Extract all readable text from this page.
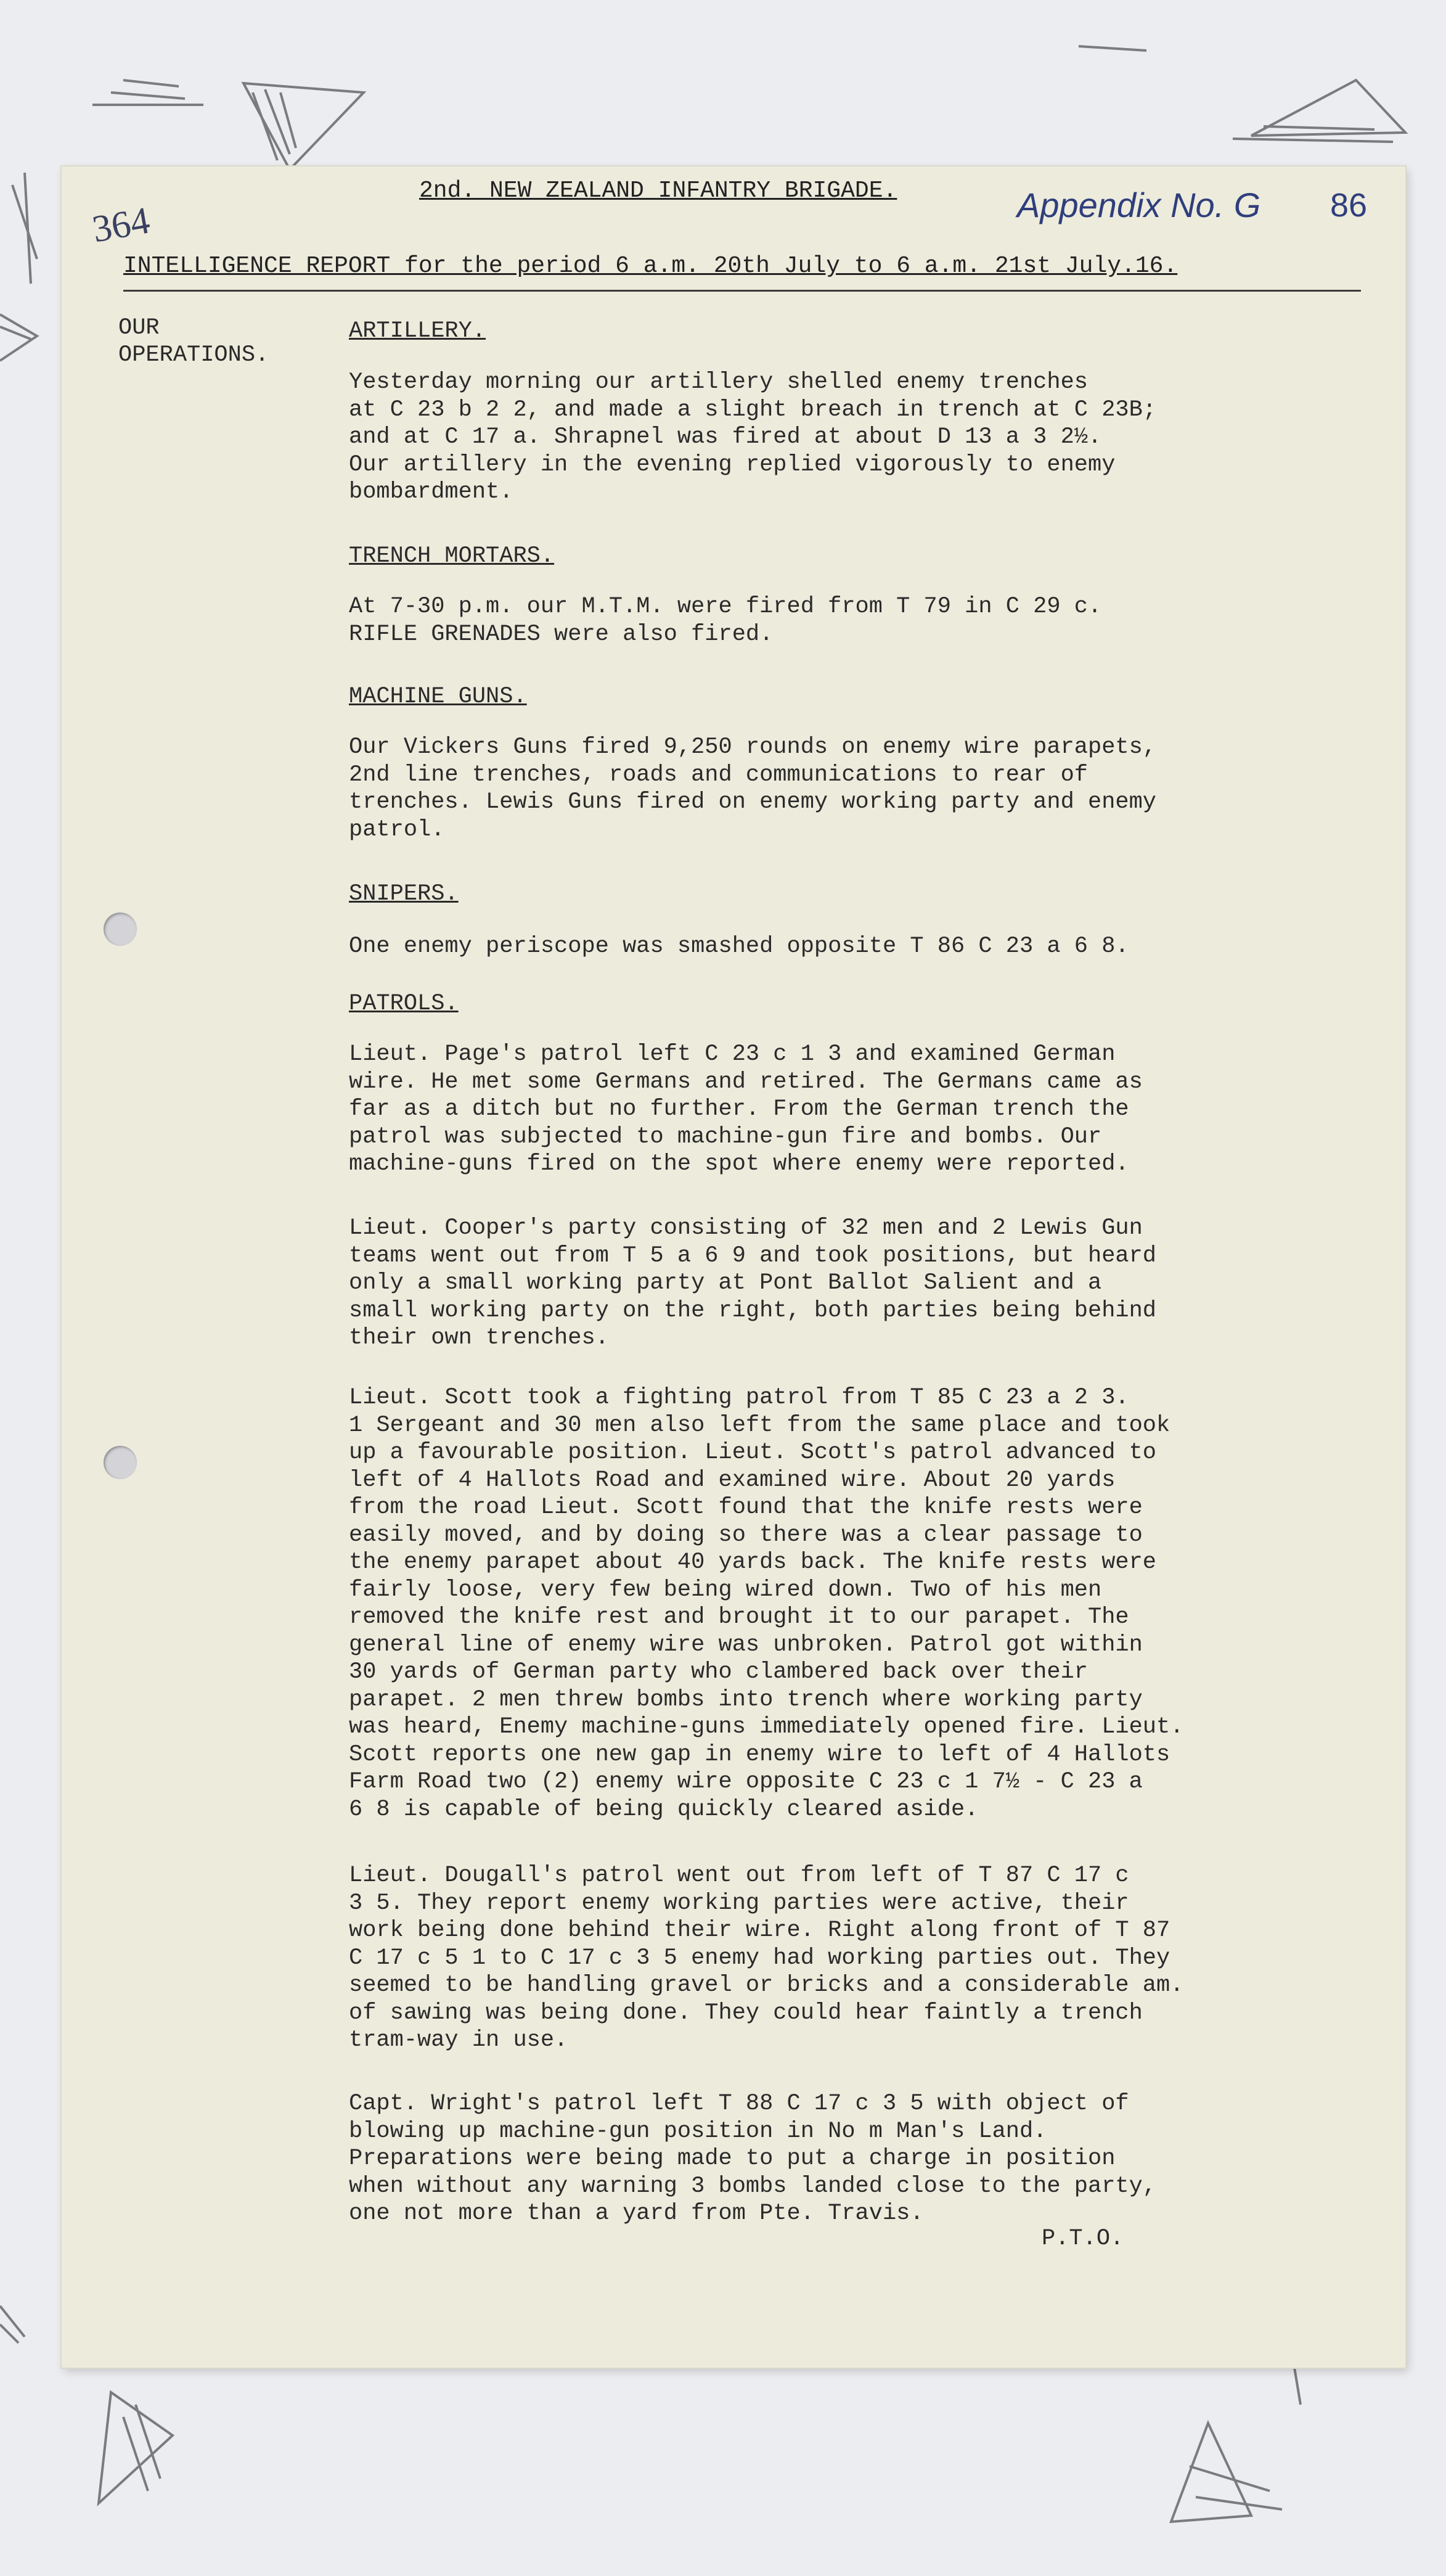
364
2nd. NEW ZEALAND INFANTRY BRIGADE.	Appendix No. G 86
INTELLIGENCE REPORT for the period 6 a.m. 20th July to 6 a.m. 21st July.16.
OUR
OPERATIONS.
ARTILLERY.
Yesterday morning our artillery shelled enemy trenches
at C 23 b 2 2, and made a slight breach in trench at C 23B;
and at C 17 a. Shrapnel was fired at about D 13 a 3 2½.
Our artillery in the evening replied vigorously to enemy
bombardment.
TRENCH MORTARS.
At 7-30 p.m. our M.T.M. were fired from T 79 in C 29 c.
RIFLE GRENADES were also fired.
MACHINE GUNS.
Our Vickers Guns fired 9,250 rounds on enemy wire parapets,
2nd line trenches, roads and communications to rear of
trenches. Lewis Guns fired on enemy working party and enemy
patrol.
SNIPERS.
One enemy periscope was smashed opposite T 86 C 23 a 6 8.
PATROLS.
Lieut. Page's patrol left C 23 c 1 3 and examined German
wire. He met some Germans and retired. The Germans came as
far as a ditch but no further. From the German trench the
patrol was subjected to machine-gun fire and bombs. Our
machine-guns fired on the spot where enemy were reported.
Lieut. Cooper's party consisting of 32 men and 2 Lewis Gun
teams went out from T 5 a 6 9 and took positions, but heard
only a small working party at Pont Ballot Salient and a
small working party on the right, both parties being behind
their own trenches.
Lieut. Scott took a fighting patrol from T 85 C 23 a 2 3.
1 Sergeant and 30 men also left from the same place and took
up a favourable position. Lieut. Scott's patrol advanced to
left of 4 Hallots Road and examined wire. About 20 yards
from the road Lieut. Scott found that the knife rests were
easily moved, and by doing so there was a clear passage to
the enemy parapet about 40 yards back. The knife rests were
fairly loose, very few being wired down. Two of his men
removed the knife rest and brought it to our parapet. The
general line of enemy wire was unbroken. Patrol got within
30 yards of German party who clambered back over their
parapet. 2 men threw bombs into trench where working party
was heard, Enemy machine-guns immediately opened fire. Lieut.
Scott reports one new gap in enemy wire to left of 4 Hallots
Farm Road two (2) enemy wire opposite C 23 c 1 7½ - C 23 a
6 8 is capable of being quickly cleared aside.
Lieut. Dougall's patrol went out from left of T 87 C 17 c
3 5. They report enemy working parties were active, their
work being done behind their wire. Right along front of T 87
C 17 c 5 1 to C 17 c 3 5 enemy had working parties out. They
seemed to be handling gravel or bricks and a considerable am.
of sawing was being done. They could hear faintly a trench
tram-way in use.
Capt. Wright's patrol left T 88 C 17 c 3 5 with object of
blowing up machine-gun position in No m Man's Land.
Preparations were being made to put a charge in position
when without any warning 3 bombs landed close to the party,
one not more than a yard from Pte. Travis.
P.T.O.
